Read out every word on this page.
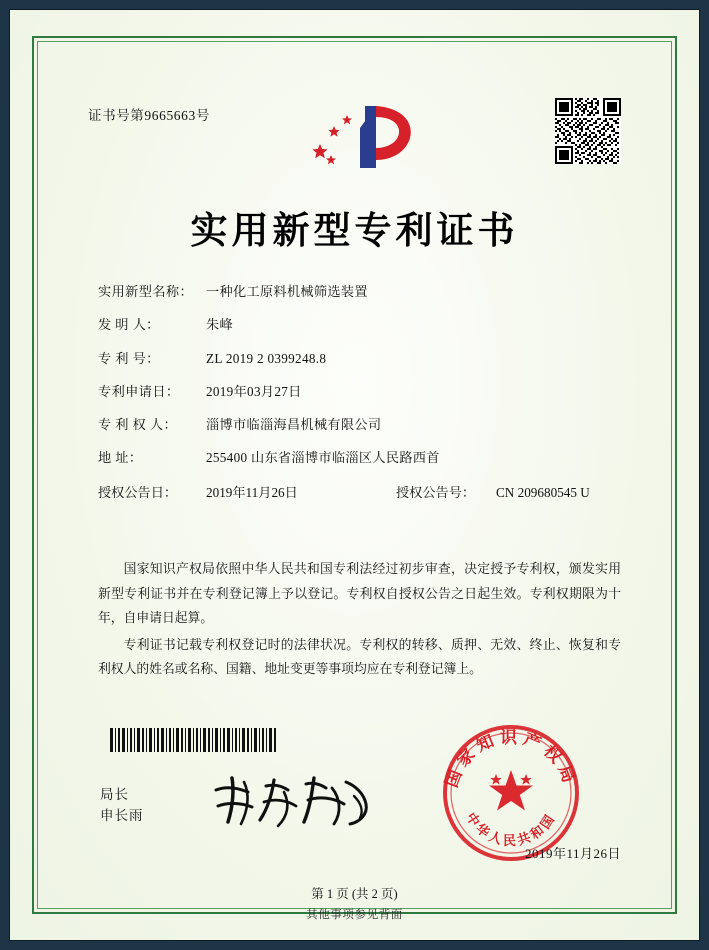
证书号第9665663号
实用新型专利证书
实用新型名称： 一种化工原料机械筛选装置
发 明 人：	朱峰
专 利 号：	ZL 2019 2 0399248.8
专利申请日：	2019年03月27日
专 利 权 人：	淄博市临淄海昌机械有限公司
地 址：	255400 山东省淄博市临淄区人民路西首
授权公告日：	2019年11月26日	授权公告号：	CN 209680545 U

国家知识产权局依照中华人民共和国专利法经过初步审查，决定授予专利权，颁发实用新型专利证书并在专利登记簿上予以登记。专利权自授权公告之日起生效。专利权期限为十年，自申请日起算。

专利证书记载专利权登记时的法律状况。专利权的转移、质押、无效、终止、恢复和专利权人的姓名或名称、国籍、地址变更等事项均应在专利登记簿上。

局长
申长雨
国家知识产权局
中华人民共和国
2019年11月26日
第 1 页 (共 2 页)
其他事项参见背面
